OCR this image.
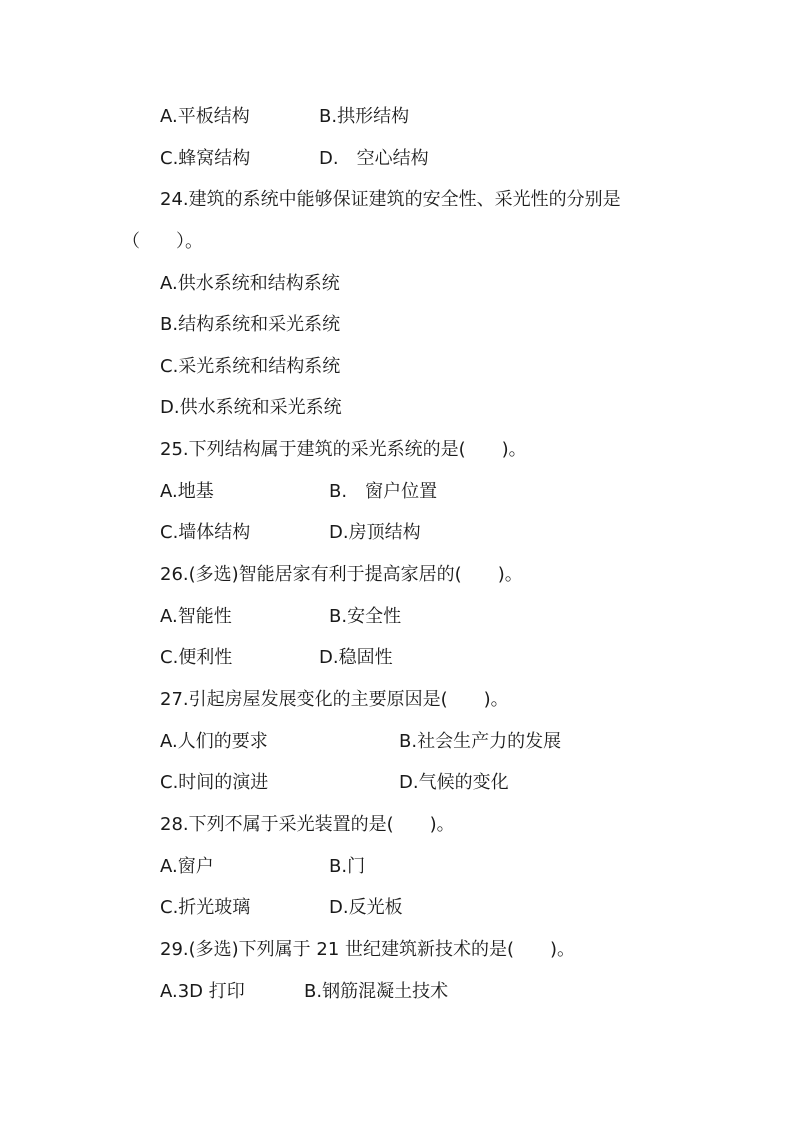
A.平板结构	B.拱形结构
C.蜂窝结构	D.　空心结构
24.建筑的系统中能够保证建筑的安全性、采光性的分别是
（　　）。
A.供水系统和结构系统
B.结构系统和采光系统
C.采光系统和结构系统
D.供水系统和采光系统
25.下列结构属于建筑的采光系统的是(　　)。
A.地基	B.　窗户位置
C.墙体结构	D.房顶结构
26.(多选)智能居家有利于提高家居的(　　)。
A.智能性	B.安全性
C.便利性	D.稳固性
27.引起房屋发展变化的主要原因是(　　)。
A.人们的要求	B.社会生产力的发展
C.时间的演进	D.气候的变化
28.下列不属于采光装置的是(　　)。
A.窗户	B.门
C.折光玻璃	D.反光板
29.(多选)下列属于 21 世纪建筑新技术的是(　　)。
A.3D 打印	B.钢筋混凝土技术
